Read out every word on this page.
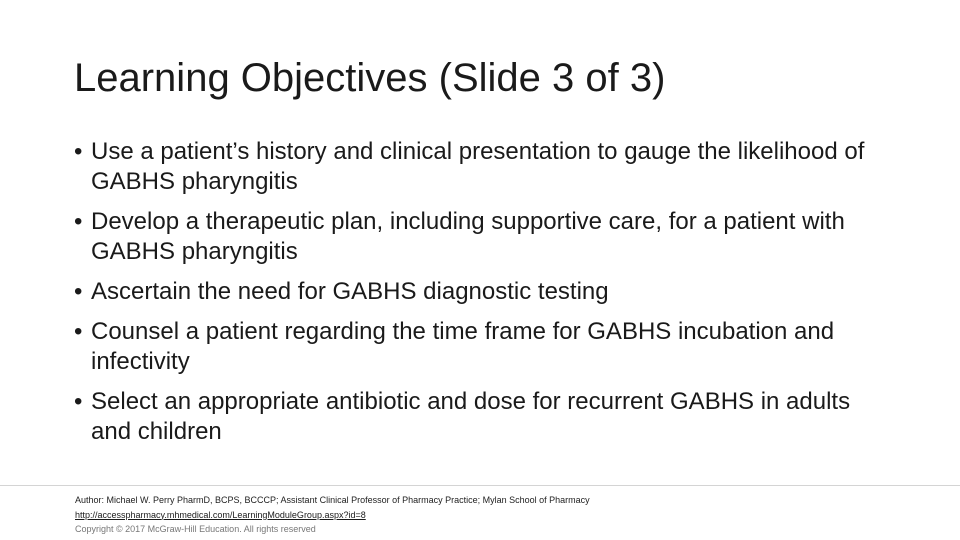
Learning Objectives (Slide 3 of 3)
• Use a patient’s history and clinical presentation to gauge the likelihood of GABHS pharyngitis
• Develop a therapeutic plan, including supportive care, for a patient with GABHS pharyngitis
• Ascertain the need for GABHS diagnostic testing
• Counsel a patient regarding the time frame for GABHS incubation and infectivity
• Select an appropriate antibiotic and dose for recurrent GABHS in adults and children
Author: Michael W. Perry PharmD, BCPS, BCCCP; Assistant Clinical Professor of Pharmacy Practice; Mylan School of Pharmacy
http://accesspharmacy.mhmedical.com/LearningModuleGroup.aspx?id=8
Copyright © 2017 McGraw-Hill Education. All rights reserved
